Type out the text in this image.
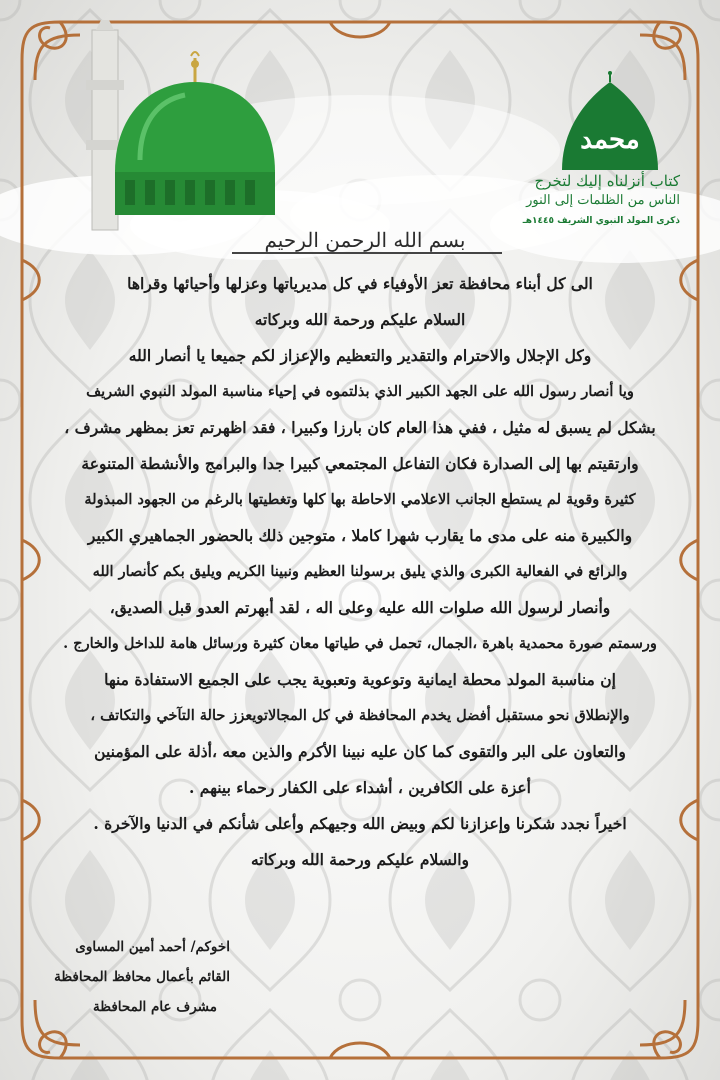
محمد
كتاب أنزلناه إليك لتخرج
الناس من الظلمات إلى النور
ذكرى المولد النبوي الشريف ١٤٤٥هـ
بسم الله الرحمن الرحيم
الى كل أبناء محافظة تعز الأوفياء في كل مديرياتها وعزلها وأحيائها وقراها
السلام عليكم ورحمة الله وبركاته
وكل الإجلال والاحترام والتقدير والتعظيم والإعزاز لكم جميعا يا أنصار الله
ويا أنصار رسول الله على الجهد الكبير الذي بذلتموه في إحياء مناسبة المولد النبوي الشريف
بشكل لم يسبق له مثيل ، ففي هذا العام كان بارزا وكبيرا ، فقد اظهرتم تعز بمظهر مشرف ،
وارتقيتم بها إلى الصدارة فكان التفاعل المجتمعي كبيرا جدا والبرامج والأنشطة المتنوعة
كثيرة وقوية لم يستطع الجانب الاعلامي الاحاطة بها كلها وتغطيتها بالرغم من الجهود المبذولة
والكبيرة منه على مدى ما يقارب شهرا كاملا ، متوجين ذلك بالحضور الجماهيري الكبير
والرائع في الفعالية الكبرى والذي يليق برسولنا العظيم ونبينا الكريم ويليق بكم كأنصار الله
وأنصار لرسول الله صلوات الله عليه وعلى اله ، لقد أبهرتم العدو قبل الصديق،
ورسمتم صورة محمدية باهرة ،الجمال، تحمل في طياتها معان كثيرة ورسائل هامة للداخل والخارج .
إن مناسبة المولد محطة ايمانية وتوعوية وتعبوية يجب على الجميع الاستفادة منها
والإنطلاق نحو مستقبل أفضل يخدم المحافظة في كل المجالاتويعزز حالة التآخي والتكاتف ،
والتعاون على البر والتقوى كما كان عليه نبينا الأكرم والذين معه ،أذلة على المؤمنين
أعزة على الكافرين ، أشداء على الكفار رحماء بينهم .
اخيراً نجدد شكرنا وإعزازنا لكم وبيض الله وجيهكم وأعلى شأنكم في الدنيا والآخرة .
والسلام عليكم ورحمة الله وبركاته
اخوكم/ أحمد أمين المساوى
القائم بأعمال محافظ المحافظة
مشرف عام المحافظة
